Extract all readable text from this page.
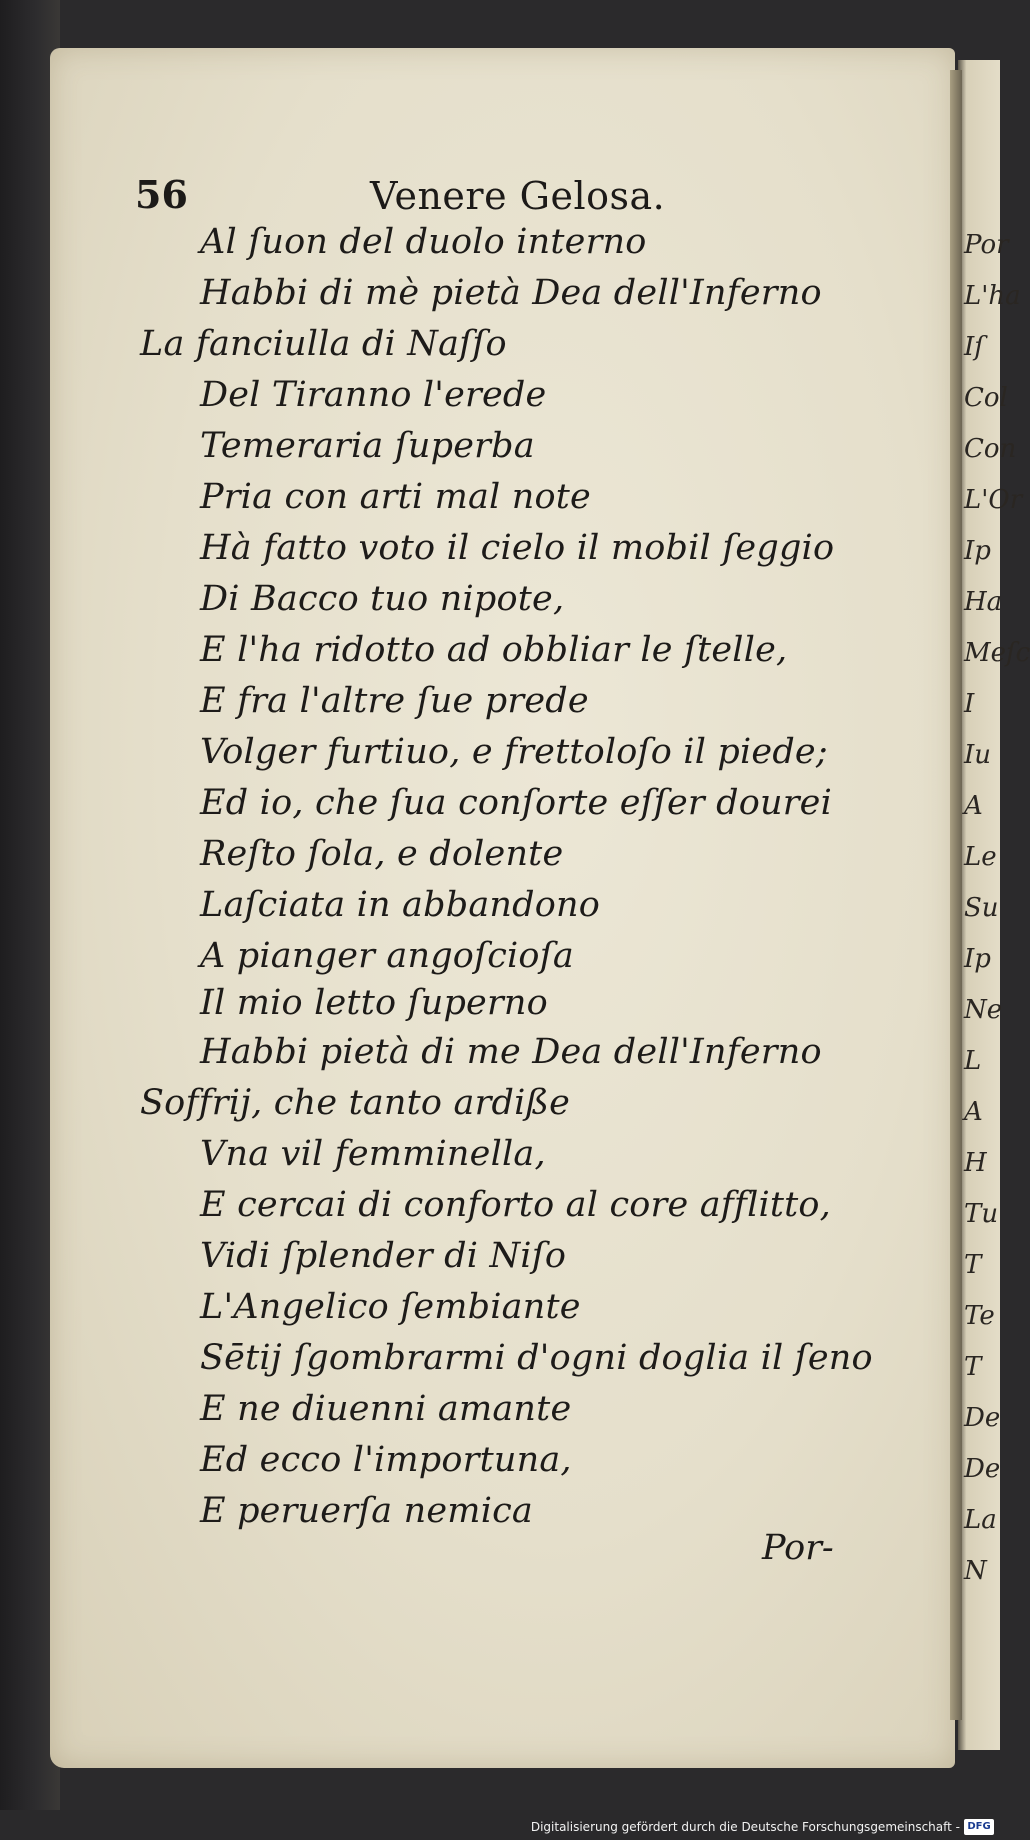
Por
L'ha
Iſ
Col
Con
L'Or
Ip
Ha
Meſc
I
Iu
A
Le
Su
Ip
Ne
L
A
H
Tu
T
Te
T
De
De
La
N
56	Venere Gelosa.
Al ſuon del duolo interno
Habbi di mè pietà Dea dell'Inferno
La fanciulla di Naſſo
Del Tiranno l'erede
Temeraria ſuperba
Pria con arti mal note
Hà fatto voto il cielo il mobil ſeggio
Di Bacco tuo nipote,
E l'ha ridotto ad obbliar le ſtelle,
E fra l'altre ſue prede
Volger furtiuo, e frettoloſo il piede;
Ed io, che ſua conſorte eſſer dourei
Reſto ſola, e dolente
Laſciata in abbandono
A pianger angoſcioſa
Il mio letto ſuperno
Habbi pietà di me Dea dell'Inferno
Soffrij, che tanto ardiße
Vna vil femminella,
E cercai di conforto al core afflitto,
Vidi ſplender di Niſo
L'Angelico ſembiante
Sētij ſgombrarmi d'ogni doglia il ſeno
E ne diuenni amante
Ed ecco l'importuna,
E peruerſa nemica
Por-
Digitalisierung gefördert durch die Deutsche Forschungsgemeinschaft - DFG
